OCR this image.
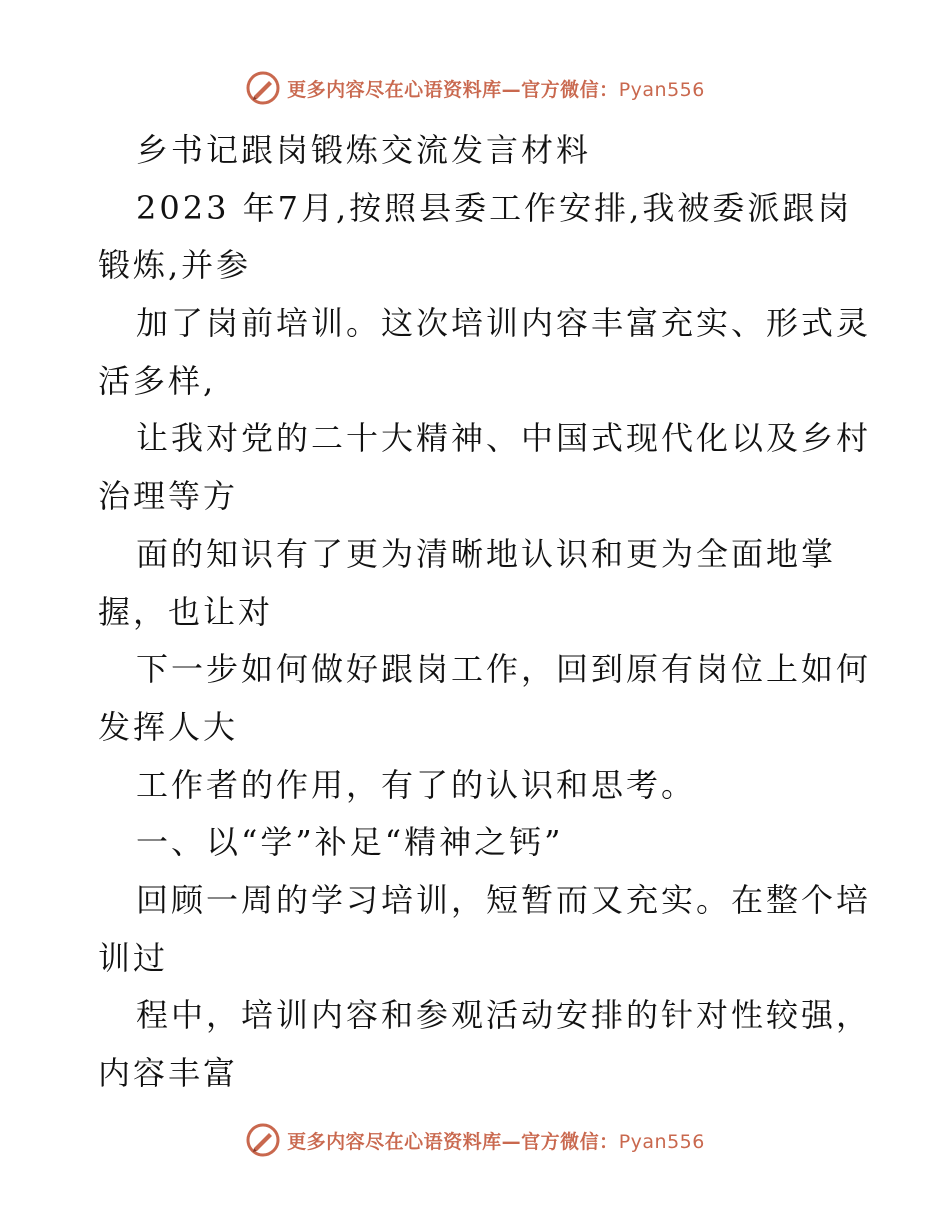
更多内容尽在心语资料库—官方微信：Pyan556
乡书记跟岗锻炼交流发言材料
2023 年7月,按照县委工作安排,我被委派跟岗
锻炼,并参
加了岗前培训。这次培训内容丰富充实、形式灵
活多样,
让我对党的二十大精神、中国式现代化以及乡村
治理等方
面的知识有了更为清晰地认识和更为全面地掌
握，也让对
下一步如何做好跟岗工作，回到原有岗位上如何
发挥人大
工作者的作用，有了的认识和思考。
一、以“学”补足“精神之钙”
回顾一周的学习培训，短暂而又充实。在整个培
训过
程中，培训内容和参观活动安排的针对性较强，
内容丰富
更多内容尽在心语资料库—官方微信：Pyan556
